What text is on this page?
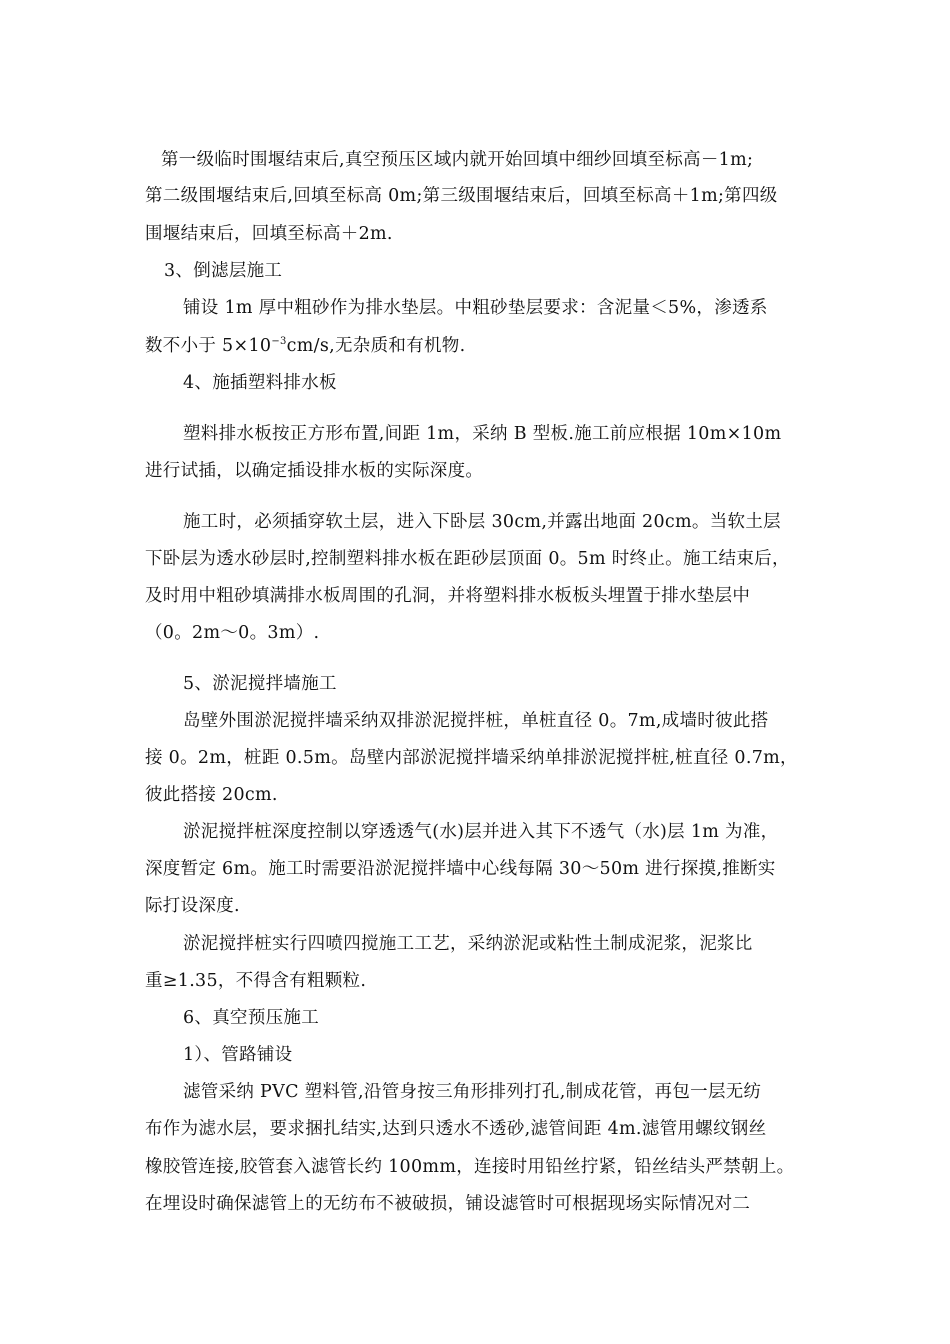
第一级临时围堰结束后,真空预压区域内就开始回填中细纱回填至标高－1m;

第二级围堰结束后,回填至标高 0m;第三级围堰结束后，回填至标高＋1m;第四级

围堰结束后，回填至标高＋2m.

3、倒滤层施工

铺设 1m 厚中粗砂作为排水垫层。中粗砂垫层要求：含泥量＜5%，渗透系

数不小于 $5\times 10^{-3}cm/s$,无杂质和有机物.

4、施插塑料排水板

塑料排水板按正方形布置,间距 1m，采纳 B 型板.施工前应根据 10m×10m

进行试插，以确定插设排水板的实际深度。

施工时，必须插穿软土层，进入下卧层 30cm,并露出地面 20cm。当软土层

下卧层为透水砂层时,控制塑料排水板在距砂层顶面 0。5m 时终止。施工结束后，

及时用中粗砂填满排水板周围的孔洞，并将塑料排水板板头埋置于排水垫层中

（0。2m～0。3m）.

5、淤泥搅拌墙施工

岛壁外围淤泥搅拌墙采纳双排淤泥搅拌桩，单桩直径 0。7m,成墙时彼此搭

接 0。2m，桩距 0.5m。岛壁内部淤泥搅拌墙采纳单排淤泥搅拌桩,桩直径 0.7m，

彼此搭接 20cm.

淤泥搅拌桩深度控制以穿透透气(水)层并进入其下不透气（水)层 1m 为准，

深度暂定 6m。施工时需要沿淤泥搅拌墙中心线每隔 30～50m 进行探摸,推断实

际打设深度.

淤泥搅拌桩实行四喷四搅施工工艺，采纳淤泥或粘性土制成泥浆，泥浆比

重≥1.35，不得含有粗颗粒.

6、真空预压施工

1）、管路铺设

滤管采纳 PVC 塑料管,沿管身按三角形排列打孔,制成花管，再包一层无纺

布作为滤水层，要求捆扎结实,达到只透水不透砂,滤管间距 4m.滤管用螺纹钢丝

橡胶管连接,胶管套入滤管长约 100mm，连接时用铅丝拧紧，铅丝结头严禁朝上。

在埋设时确保滤管上的无纺布不被破损，铺设滤管时可根据现场实际情况对二
